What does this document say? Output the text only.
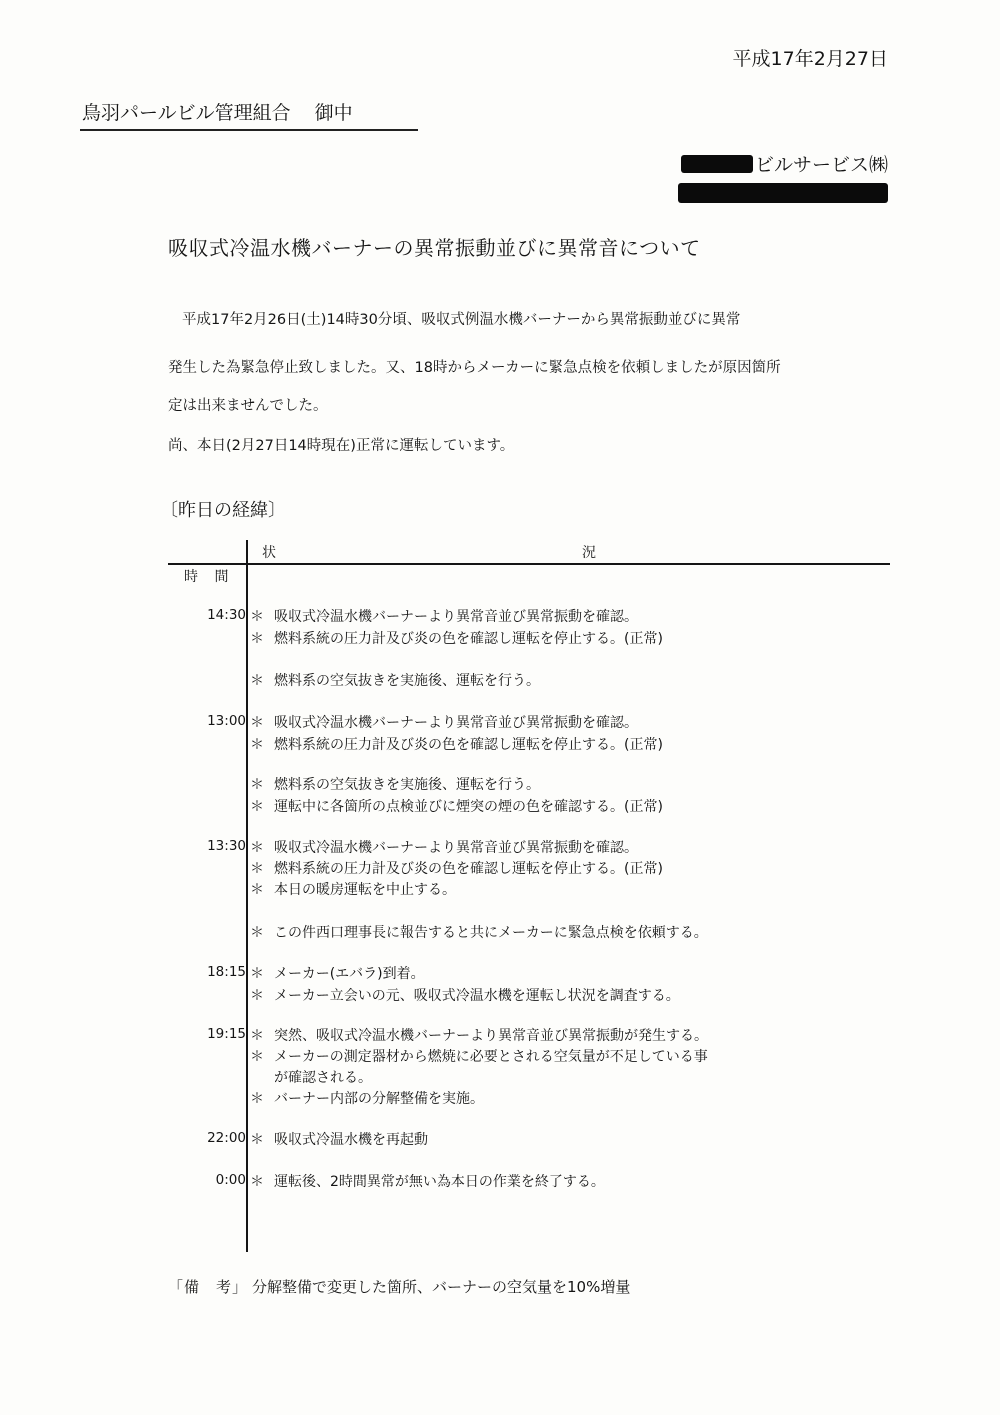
平成17年2月27日
鳥羽パールビル管理組合 御中
ビルサービス㈱
吸収式冷温水機バーナーの異常振動並びに異常音について
平成17年2月26日(土)14時30分頃、吸収式例温水機バーナーから異常振動並びに異常
発生した為緊急停止致しました。又、18時からメーカーに緊急点検を依頼しましたが原因箇所
定は出来ませんでした。
尚、本日(2月27日14時現在)正常に運転しています。
〔昨日の経緯〕
状	況
時 間
14:30 ＊ 吸収式冷温水機バーナーより異常音並び異常振動を確認。
＊ 燃料系統の圧力計及び炎の色を確認し運転を停止する。(正常)
＊ 燃料系の空気抜きを実施後、運転を行う。
13:00 ＊ 吸収式冷温水機バーナーより異常音並び異常振動を確認。
＊ 燃料系統の圧力計及び炎の色を確認し運転を停止する。(正常)
＊ 燃料系の空気抜きを実施後、運転を行う。
＊ 運転中に各箇所の点検並びに煙突の煙の色を確認する。(正常)
13:30 ＊ 吸収式冷温水機バーナーより異常音並び異常振動を確認。
＊ 燃料系統の圧力計及び炎の色を確認し運転を停止する。(正常)
＊ 本日の暖房運転を中止する。
＊ この件西口理事長に報告すると共にメーカーに緊急点検を依頼する。
18:15 ＊ メーカー(エバラ)到着。
＊ メーカー立会いの元、吸収式冷温水機を運転し状況を調査する。
19:15 ＊ 突然、吸収式冷温水機バーナーより異常音並び異常振動が発生する。
＊ メーカーの測定器材から燃焼に必要とされる空気量が不足している事
が確認される。
＊ バーナー内部の分解整備を実施。
22:00 ＊ 吸収式冷温水機を再起動
0:00 ＊ 運転後、2時間異常が無い為本日の作業を終了する。
「備　考」 分解整備で変更した箇所、バーナーの空気量を10%増量
